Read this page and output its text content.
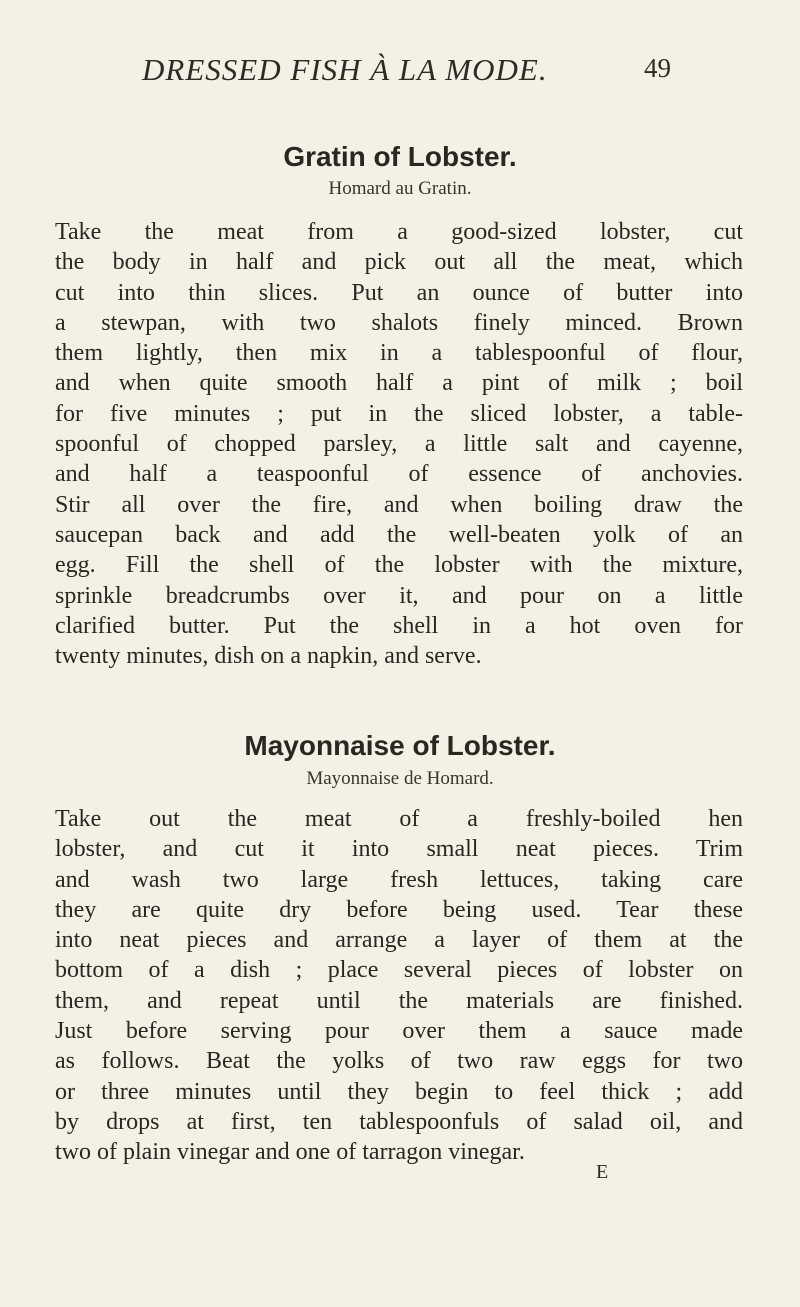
DRESSED FISH À LA MODE.	49
Gratin of Lobster.
Homard au Gratin.

Take the meat from a good-sized lobster, cut
the body in half and pick out all the meat, which
cut into thin slices. Put an ounce of butter into
a stewpan, with two shalots finely minced. Brown
them lightly, then mix in a tablespoonful of flour,
and when quite smooth half a pint of milk ; boil
for five minutes ; put in the sliced lobster, a table-
spoonful of chopped parsley, a little salt and cayenne,
and half a teaspoonful of essence of anchovies.
Stir all over the fire, and when boiling draw the
saucepan back and add the well-beaten yolk of an
egg. Fill the shell of the lobster with the mixture,
sprinkle breadcrumbs over it, and pour on a little
clarified butter. Put the shell in a hot oven for
twenty minutes, dish on a napkin, and serve.

Mayonnaise of Lobster.
Mayonnaise de Homard.

Take out the meat of a freshly-boiled hen
lobster, and cut it into small neat pieces. Trim
and wash two large fresh lettuces, taking care
they are quite dry before being used. Tear these
into neat pieces and arrange a layer of them at the
bottom of a dish ; place several pieces of lobster on
them, and repeat until the materials are finished.
Just before serving pour over them a sauce made
as follows. Beat the yolks of two raw eggs for two
or three minutes until they begin to feel thick ; add
by drops at first, ten tablespoonfuls of salad oil, and
two of plain vinegar and one of tarragon vinegar.

E
